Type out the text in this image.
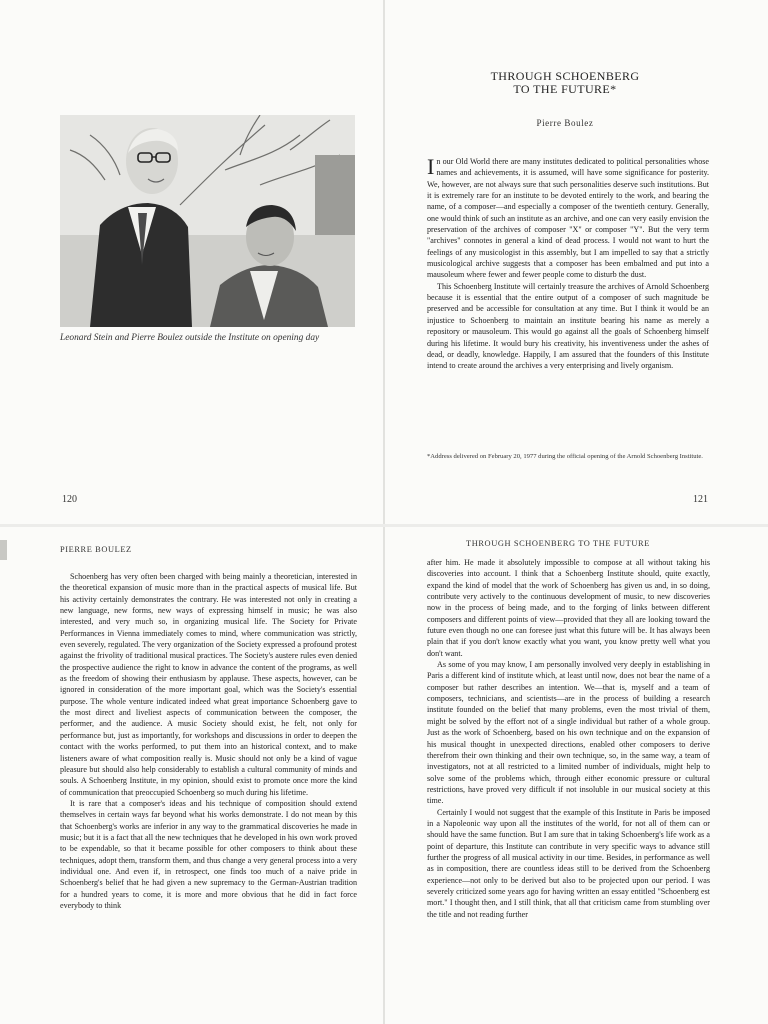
Leonard Stein and Pierre Boulez outside the Institute on opening day
120
THROUGH SCHOENBERG
TO THE FUTURE*
Pierre Boulez

In our Old World there are many institutes dedicated to political personalities whose names and achievements, it is assumed, will have some significance for posterity. We, however, are not always sure that such personalities deserve such institutions. But it is extremely rare for an institute to be devoted entirely to the work, and bearing the name, of a composer—and especially a composer of the twentieth century. Generally, one would think of such an institute as an archive, and one can very easily envision the preservation of the archives of composer "X" or composer "Y". But the very term "archives" connotes in general a kind of dead process. I would not want to hurt the feelings of any musicologist in this assembly, but I am impelled to say that a strictly musicological archive suggests that a composer has been embalmed and put into a mausoleum where fewer and fewer people come to disturb the dust.

This Schoenberg Institute will certainly treasure the archives of Arnold Schoenberg because it is essential that the entire output of a composer of such magnitude be preserved and be accessible for consultation at any time. But I think it would be an injustice to Schoenberg to maintain an institute bearing his name as merely a repository or mausoleum. This would go against all the goals of Schoenberg himself during his lifetime. It would bury his creativity, his inventiveness under the ashes of dead, or deadly, knowledge. Happily, I am assured that the founders of this Institute intend to create around the archives a very enterprising and lively organism.

*Address delivered on February 20, 1977 during the official opening of the Arnold Schoenberg Institute.
121
PIERRE BOULEZ

Schoenberg has very often been charged with being mainly a theoretician, interested in the theoretical expansion of music more than in the practical aspects of musical life. But his activity certainly demonstrates the contrary. He was interested not only in creating a new language, new forms, new ways of expressing himself in music; he was also interested, and very much so, in organizing musical life. The Society for Private Performances in Vienna immediately comes to mind, where communication was strictly, even severely, regulated. The very organization of the Society expressed a profound protest against the frivolity of traditional musical practices. The Society's austere rules even denied the prospective audience the right to know in advance the content of the programs, as well as the freedom of showing their enthusiasm by applause. These aspects, however, can be ignored in consideration of the more important goal, which was the Society's essential purpose. The whole venture indicated indeed what great importance Schoenberg gave to the most direct and liveliest aspects of communication between the composer, the performer, and the audience. A music Society should exist, he felt, not only for performance but, just as importantly, for workshops and discussions in order to deepen the contact with the works performed, to put them into an historical context, and to make listeners aware of what composition really is. Music should not only be a kind of vague pleasure but should also help considerably to establish a cultural community of minds and souls. A Schoenberg Institute, in my opinion, should exist to promote once more the kind of communication that preoccupied Schoenberg so much during his lifetime.

It is rare that a composer's ideas and his technique of composition should extend themselves in certain ways far beyond what his works demonstrate. I do not mean by this that Schoenberg's works are inferior in any way to the grammatical discoveries he made in music; but it is a fact that all the new techniques that he developed in his own work proved to be expendable, so that it became possible for other composers to think about these techniques, adopt them, transform them, and thus change a very general process into a very individual one. And even if, in retrospect, one finds too much of a naive pride in Schoenberg's belief that he had given a new supremacy to the German-Austrian tradition for a hundred years to come, it is more and more obvious that he did in fact force everybody to think

THROUGH SCHOENBERG TO THE FUTURE

after him. He made it absolutely impossible to compose at all without taking his discoveries into account. I think that a Schoenberg Institute should, quite exactly, expand the kind of model that the work of Schoenberg has given us and, in so doing, contribute very actively to the continuous development of music, to new discoveries now in the process of being made, and to the forging of links between different composers and different points of view—provided that they all are looking toward the future even though no one can foresee just what this future will be. It has always been plain that if you don't know exactly what you want, you know pretty well what you don't want.

As some of you may know, I am personally involved very deeply in establishing in Paris a different kind of institute which, at least until now, does not bear the name of a composer but rather describes an intention. We—that is, myself and a team of composers, technicians, and scientists—are in the process of building a research institute founded on the belief that many problems, even the most trivial of them, might be solved by the effort not of a single individual but rather of a whole group. Just as the work of Schoenberg, based on his own technique and on the expansion of his musical thought in unexpected directions, enabled other composers to derive therefrom their own thinking and their own technique, so, in the same way, a team of investigators, not at all restricted to a limited number of individuals, might help to solve some of the problems which, through either economic pressure or cultural restrictions, have proved very difficult if not insoluble in our musical society at this time.

Certainly I would not suggest that the example of this Institute in Paris be imposed in a Napoleonic way upon all the institutes of the world, for not all of them can or should have the same function. But I am sure that in taking Schoenberg's life work as a point of departure, this Institute can contribute in very specific ways to advance still further the progress of all musical activity in our time. Besides, in performance as well as in composition, there are countless ideas still to be derived from the Schoenberg experience—not only to be derived but also to be projected upon our period. I was severely criticized some years ago for having written an essay entitled "Schoenberg est mort." I thought then, and I still think, that all that criticism came from stumbling over the title and not reading further
